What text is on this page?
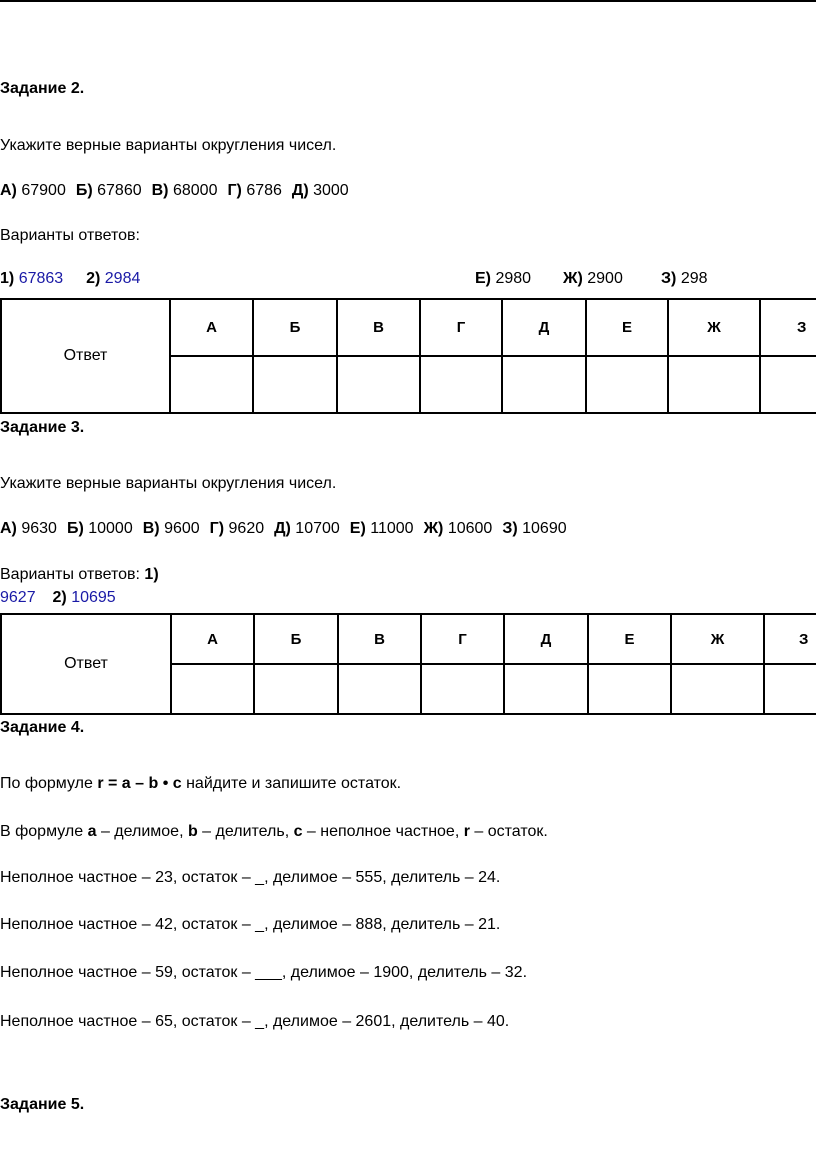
Задание 2.
Укажите верные варианты округления чисел.
А) 67900 Б) 67860 В) 68000 Г) 6786 Д) 3000
Варианты ответов:
1) 67863 2) 2984	Е) 2980 Ж) 2900 З) 298
Ответ	А	Б	В	Г	Д	Е	Ж	З

Задание 3.
Укажите верные варианты округления чисел.
А) 9630 Б) 10000 В) 9600 Г) 9620 Д) 10700 Е) 11000 Ж) 10600 З) 10690
Варианты ответов: 1)
9627 2) 10695
Ответ	А	Б	В	Г	Д	Е	Ж	З

Задание 4.
По формуле r = a – b • c найдите и запишите остаток.
В формуле a – делимое, b – делитель, c – неполное частное, r – остаток.
Неполное частное – 23, остаток – _, делимое – 555, делитель – 24.
Неполное частное – 42, остаток – _, делимое – 888, делитель – 21.
Неполное частное – 59, остаток – ___, делимое – 1900, делитель – 32.
Неполное частное – 65, остаток – _, делимое – 2601, делитель – 40.
Задание 5.
